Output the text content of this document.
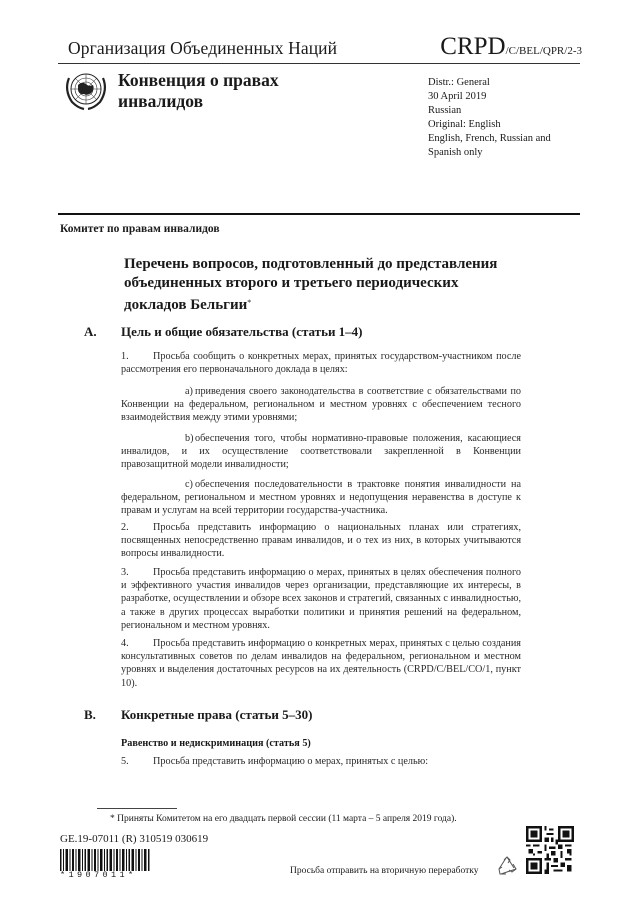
Организация Объединенных Наций	CRPD/C/BEL/QPR/2-3
Конвенция о правах
инвалидов
Distr.: General
30 April 2019
Russian
Original: English
English, French, Russian and
Spanish only
Комитет по правам инвалидов
Перечень вопросов, подготовленный до представления
объединенных второго и третьего периодических
докладов Бельгии*
A. Цель и общие обязательства (статьи 1–4)
1. Просьба сообщить о конкретных мерах, принятых государством-участником после рассмотрения его первоначального доклада в целях:
a) приведения своего законодательства в соответствие с обязательствами по Конвенции на федеральном, региональном и местном уровнях с обеспечением тесного взаимодействия между этими уровнями;
b) обеспечения того, чтобы нормативно-правовые положения, касающиеся инвалидов, и их осуществление соответствовали закрепленной в Конвенции правозащитной модели инвалидности;
c) обеспечения последовательности в трактовке понятия инвалидности на федеральном, региональном и местном уровнях и недопущения неравенства в доступе к правам и услугам на всей территории государства-участника.
2. Просьба представить информацию о национальных планах или стратегиях, посвященных непосредственно правам инвалидов, и о тех из них, в которых учитываются вопросы инвалидности.
3. Просьба представить информацию о мерах, принятых в целях обеспечения полного и эффективного участия инвалидов через организации, представляющие их интересы, в разработке, осуществлении и обзоре всех законов и стратегий, связанных с инвалидностью, а также в других процессах выработки политики и принятия решений на федеральном, региональном и местном уровнях.
4. Просьба представить информацию о конкретных мерах, принятых с целью создания консультативных советов по делам инвалидов на федеральном, региональном и местном уровнях и выделения достаточных ресурсов на их деятельность (CRPD/C/BEL/CO/1, пункт 10).
B. Конкретные права (статьи 5–30)
Равенство и недискриминация (статья 5)
5. Просьба представить информацию о мерах, принятых с целью:
* Приняты Комитетом на его двадцать первой сессии (11 марта – 5 апреля 2019 года).
GE.19-07011 (R) 310519 030619
*1907011*	Просьба отправить на вторичную переработку
